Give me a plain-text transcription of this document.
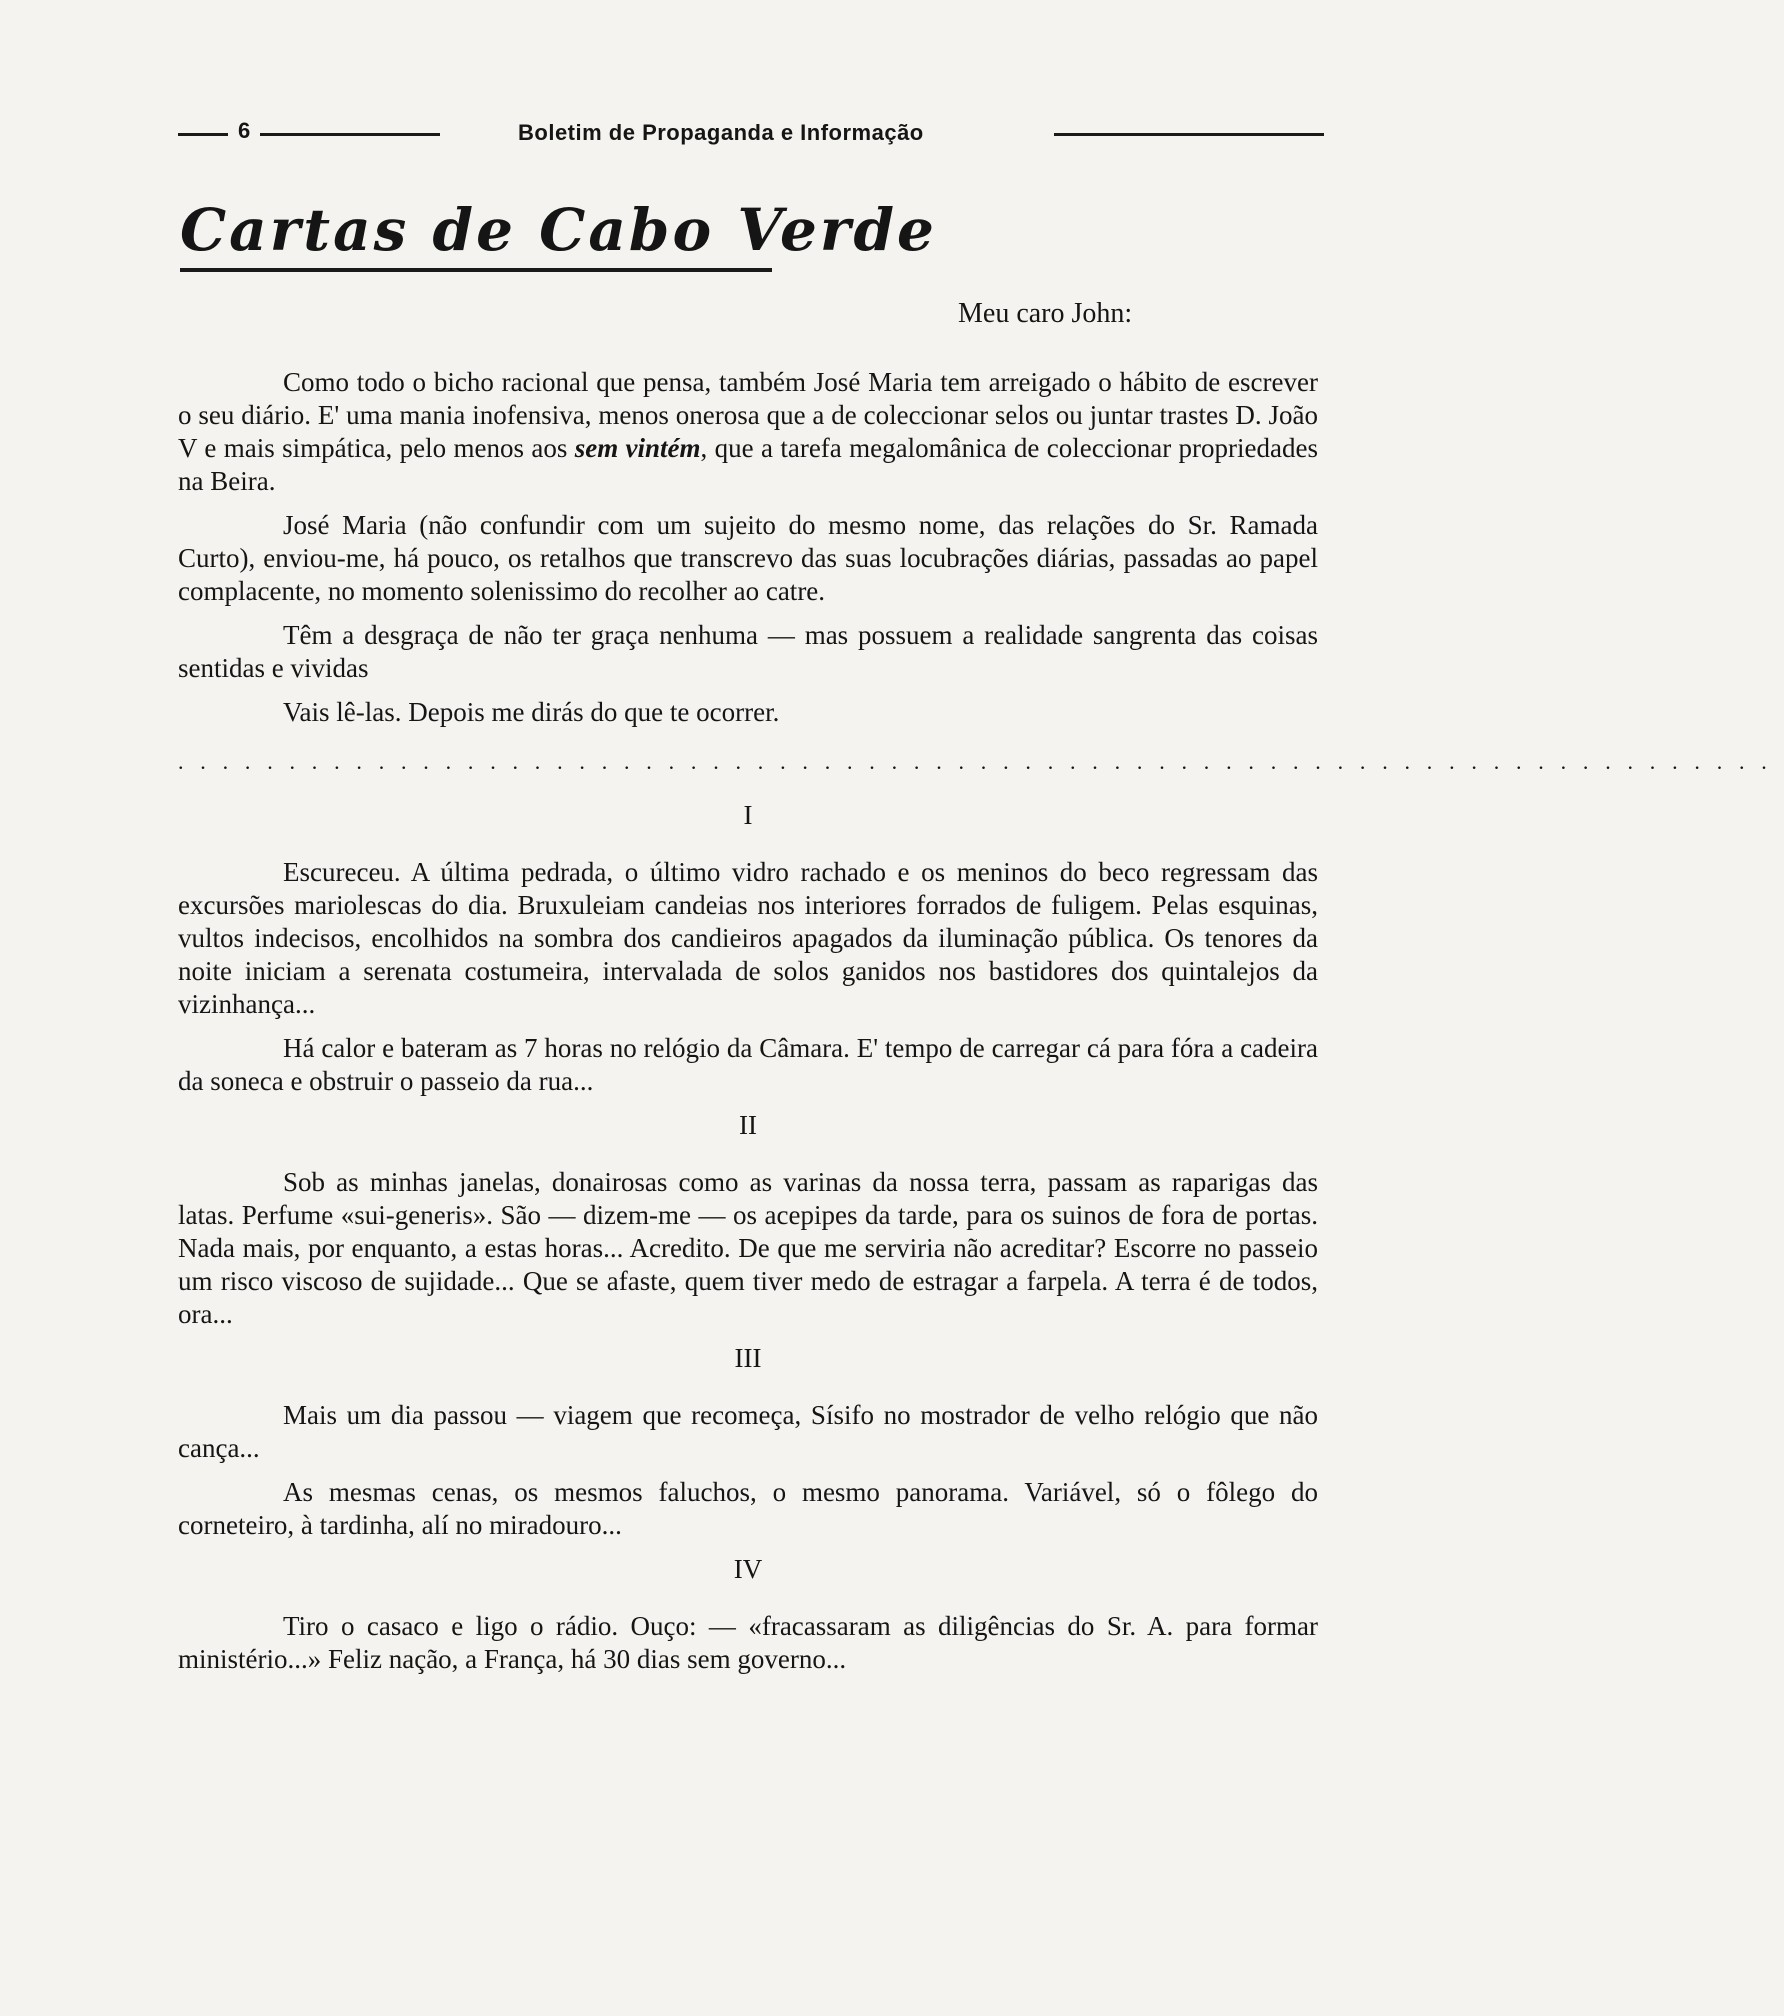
6	Boletim de Propaganda e Informação
Cartas de Cabo Verde
Meu caro John:

Como todo o bicho racional que pensa, também José Maria tem arreigado o hábito de escrever o seu diário. E' uma mania inofensiva, menos onerosa que a de coleccionar selos ou juntar trastes D. João V e mais simpática, pelo menos aos sem vintém, que a tarefa megalomânica de coleccionar propriedades na Beira.

José Maria (não confundir com um sujeito do mesmo nome, das relações do Sr. Ramada Curto), enviou-me, há pouco, os retalhos que transcrevo das suas locubrações diárias, passadas ao papel complacente, no momento solenissimo do recolher ao catre.

Têm a desgraça de não ter graça nenhuma — mas possuem a realidade sangrenta das coisas sentidas e vividas

Vais lê-las. Depois me dirás do que te ocorrer.

........................................................................
I

Escureceu. A última pedrada, o último vidro rachado e os meninos do beco regressam das excursões mariolescas do dia. Bruxuleiam candeias nos interiores forrados de fuligem. Pelas esquinas, vultos indecisos, encolhidos na sombra dos candieiros apagados da iluminação pública. Os tenores da noite iniciam a serenata costumeira, intervalada de solos ganidos nos bastidores dos quintalejos da vizinhança...

Há calor e bateram as 7 horas no relógio da Câmara. E' tempo de carregar cá para fóra a cadeira da soneca e obstruir o passeio da rua...

II

Sob as minhas janelas, donairosas como as varinas da nossa terra, passam as raparigas das latas. Perfume «sui-generis». São — dizem-me — os acepipes da tarde, para os suinos de fora de portas. Nada mais, por enquanto, a estas horas... Acredito. De que me serviria não acreditar? Escorre no passeio um risco viscoso de sujidade... Que se afaste, quem tiver medo de estragar a farpela. A terra é de todos, ora...

III

Mais um dia passou — viagem que recomeça, Sísifo no mostrador de velho relógio que não cança...

As mesmas cenas, os mesmos faluchos, o mesmo panorama. Variável, só o fôlego do corneteiro, à tardinha, alí no miradouro...

IV

Tiro o casaco e ligo o rádio. Ouço: — «fracassaram as diligências do Sr. A. para formar ministério...» Feliz nação, a França, há 30 dias sem governo...
